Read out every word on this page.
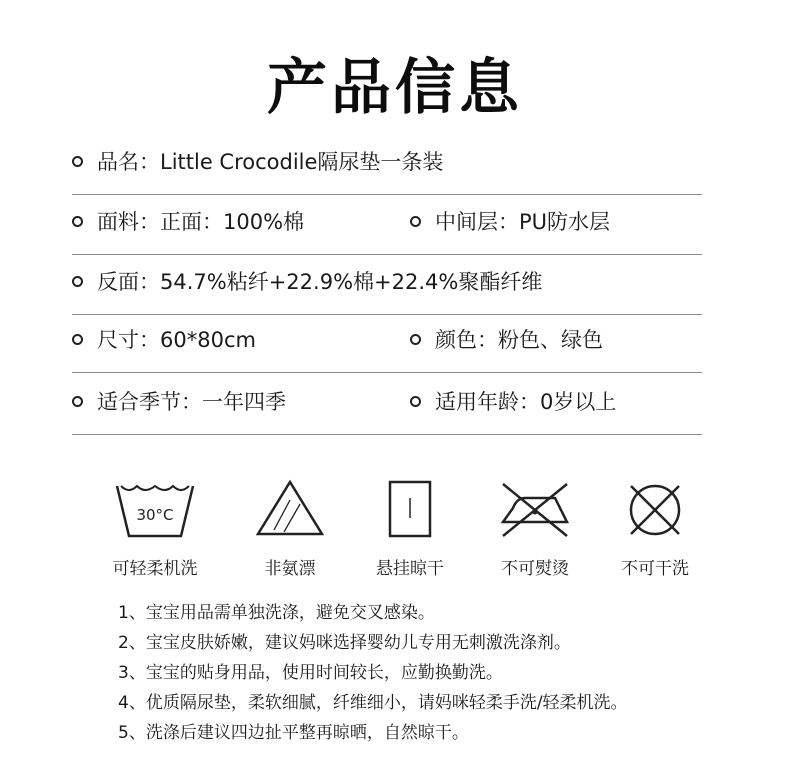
产品信息
品名：Little Crocodile隔尿垫一条装
面料：正面：100%棉	中间层：PU防水层
反面：54.7%粘纤+22.9%棉+22.4%聚酯纤维
尺寸：60*80cm	颜色：粉色、绿色
适合季节：一年四季	适用年龄：0岁以上
30°C
可轻柔机洗	非氨漂	悬挂晾干	不可熨烫	不可干洗
1、宝宝用品需单独洗涤，避免交叉感染。
2、宝宝皮肤娇嫩，建议妈咪选择婴幼儿专用无刺激洗涤剂。
3、宝宝的贴身用品，使用时间较长，应勤换勤洗。
4、优质隔尿垫，柔软细腻，纤维细小，请妈咪轻柔手洗/轻柔机洗。
5、洗涤后建议四边扯平整再晾晒，自然晾干。
